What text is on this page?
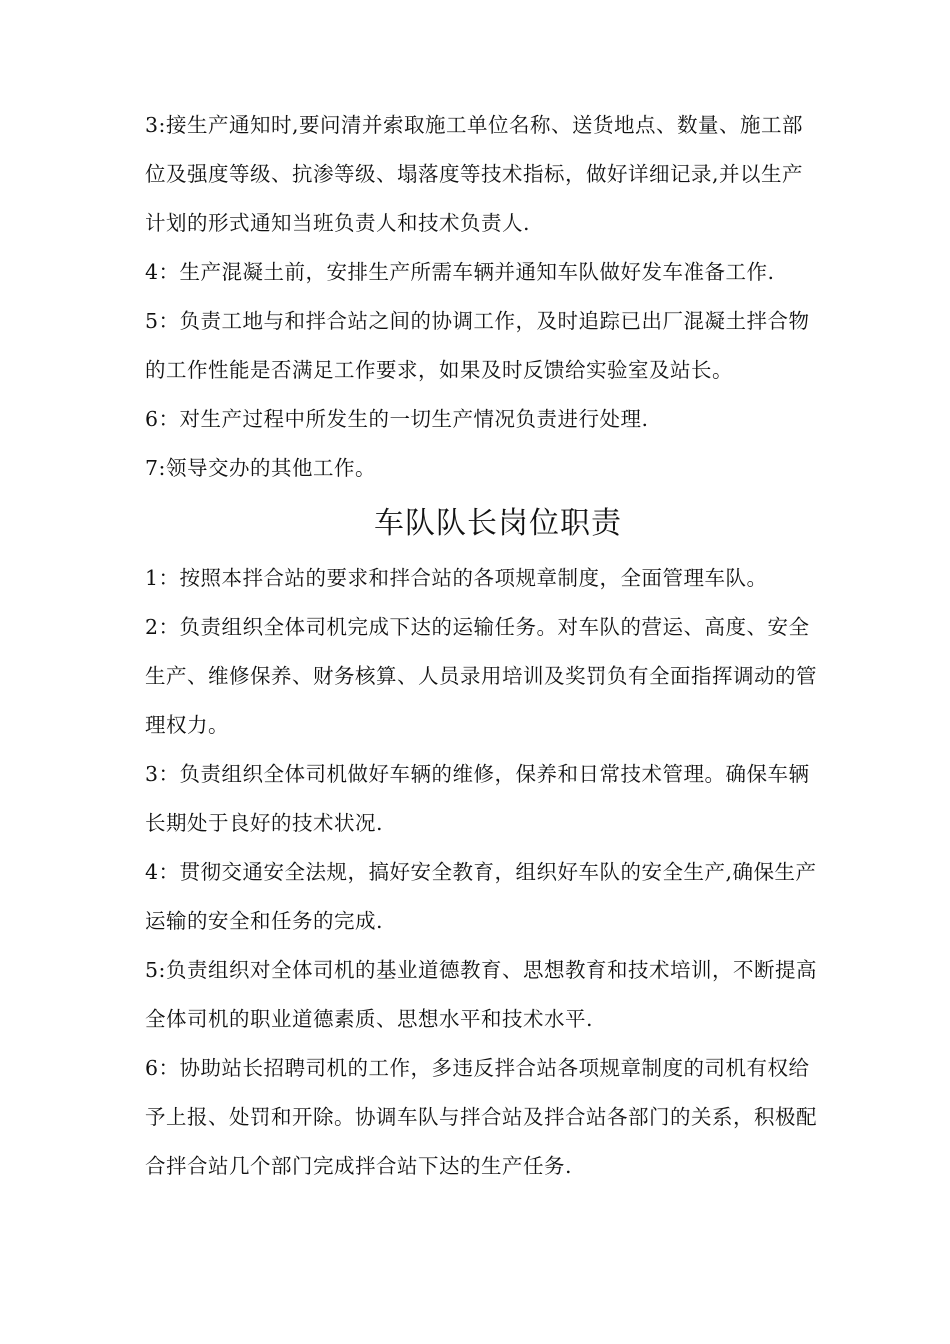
3:接生产通知时,要问清并索取施工单位名称、送货地点、数量、施工部
位及强度等级、抗渗等级、塌落度等技术指标，做好详细记录,并以生产
计划的形式通知当班负责人和技术负责人.
4：生产混凝土前，安排生产所需车辆并通知车队做好发车准备工作.
5：负责工地与和拌合站之间的协调工作，及时追踪已出厂混凝土拌合物
的工作性能是否满足工作要求，如果及时反馈给实验室及站长。
6：对生产过程中所发生的一切生产情况负责进行处理.
7:领导交办的其他工作。
车队队长岗位职责
1：按照本拌合站的要求和拌合站的各项规章制度，全面管理车队。
2：负责组织全体司机完成下达的运输任务。对车队的营运、高度、安全
生产、维修保养、财务核算、人员录用培训及奖罚负有全面指挥调动的管
理权力。
3：负责组织全体司机做好车辆的维修，保养和日常技术管理。确保车辆
长期处于良好的技术状况.
4：贯彻交通安全法规，搞好安全教育，组织好车队的安全生产,确保生产
运输的安全和任务的完成.
5:负责组织对全体司机的基业道德教育、思想教育和技术培训，不断提高
全体司机的职业道德素质、思想水平和技术水平.
6：协助站长招聘司机的工作，多违反拌合站各项规章制度的司机有权给
予上报、处罚和开除。协调车队与拌合站及拌合站各部门的关系，积极配
合拌合站几个部门完成拌合站下达的生产任务.
